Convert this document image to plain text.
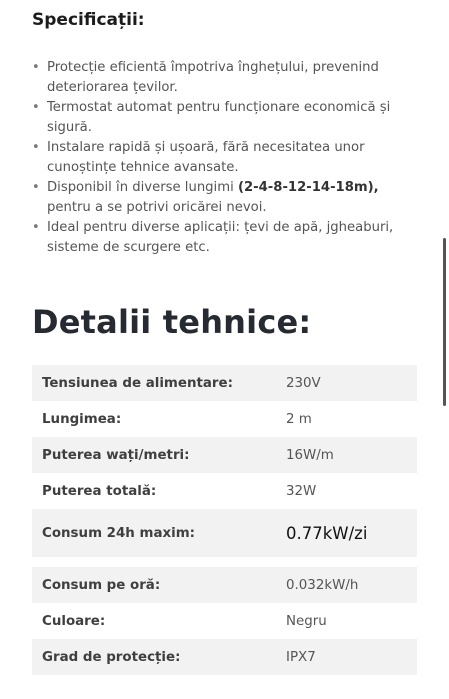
Specificații:
• Protecție eficientă împotriva înghețului, prevenind deteriorarea țevilor.
• Termostat automat pentru funcționare economică și sigură.
• Instalare rapidă și ușoară, fără necesitatea unor cunoștințe tehnice avansate.
• Disponibil în diverse lungimi (2-4-8-12-14-18m), pentru a se potrivi oricărei nevoi.
• Ideal pentru diverse aplicații: țevi de apă, jgheaburi, sisteme de scurgere etc.
Detalii tehnice:
Tensiunea de alimentare:	230V
Lungimea:	2 m
Puterea wați/metri:	16W/m
Puterea totală:	32W
Consum 24h maxim:	0.77kW/zi
Consum pe oră:	0.032kW/h
Culoare:	Negru
Grad de protecție:	IPX7
